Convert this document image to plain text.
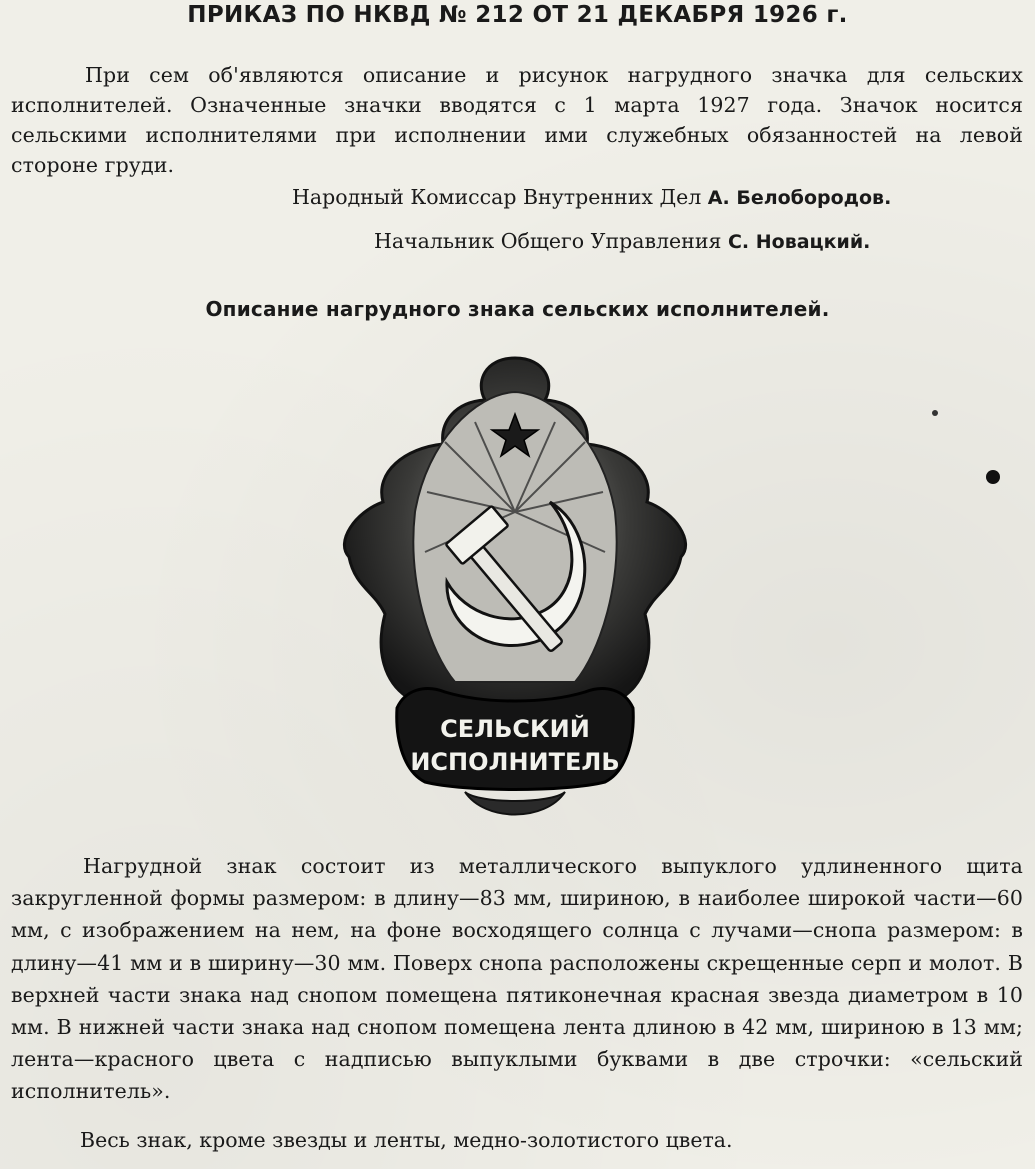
ПРИКАЗ ПО НКВД № 212 ОТ 21 ДЕКАБРЯ 1926 г.
При сем об'являются описание и рисунок нагрудного значка для сельских исполнителей. Означенные значки вводятся с 1 марта 1927 года. Значок носится сельскими исполнителями при исполнении ими служебных обязанностей на левой стороне груди.
Народный Комиссар Внутренних Дел А. Белобородов.
Начальник Общего Управления С. Новацкий.
Описание нагрудного знака сельских исполнителей.
СЕЛЬСКИЙ
ИСПОЛНИТЕЛЬ
Нагрудной знак состоит из металлического выпуклого удлиненного щита закругленной формы размером: в длину—83 мм, шириною, в наиболее широкой части—60 мм, с изображением на нем, на фоне восходящего солнца с лучами—снопа размером: в длину—41 мм и в ширину—30 мм. Поверх снопа расположены скрещенные серп и молот. В верхней части знака над снопом помещена пятиконечная красная звезда диаметром в 10 мм. В нижней части знака над снопом помещена лента длиною в 42 мм, шириною в 13 мм; лента—красного цвета с надписью выпуклыми буквами в две строчки: «сельский исполнитель».
Весь знак, кроме звезды и ленты, медно-золотистого цвета.
